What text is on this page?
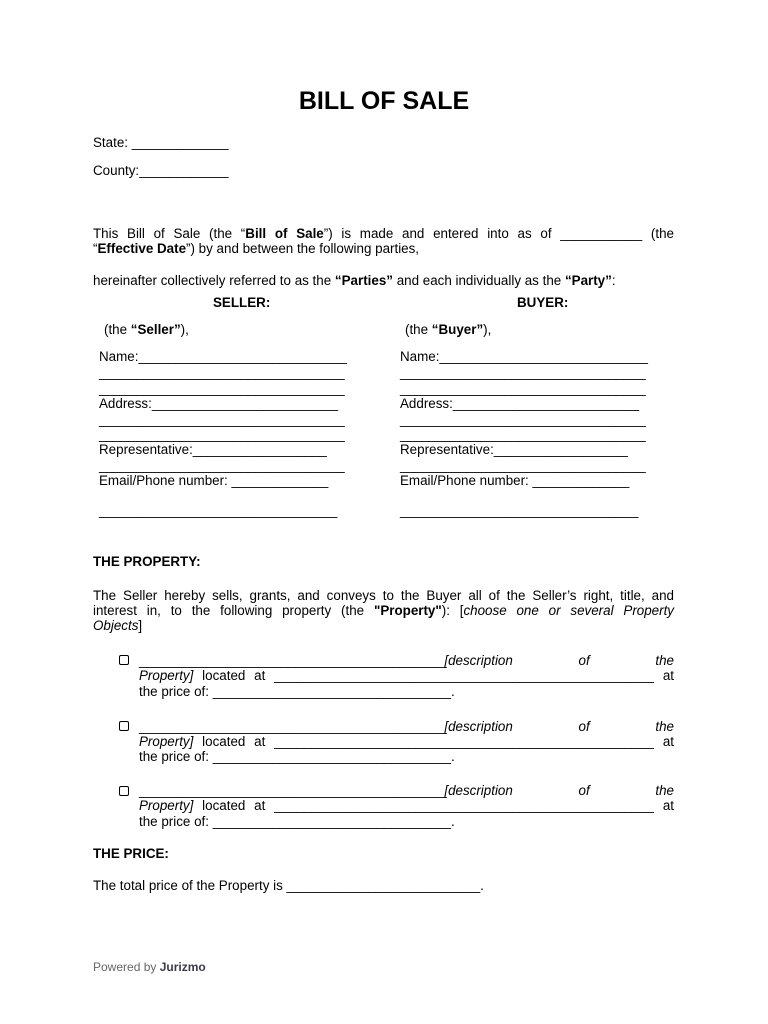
BILL OF SALE
State: _____________
County:____________
This Bill of Sale (the “Bill of Sale”) is made and entered into as of ___________ (the
“Effective Date”) by and between the following parties,
hereinafter collectively referred to as the “Parties” and each individually as the “Party”:
SELLER:
(the “Seller”),
Name:____________________________
_________________________________
_________________________________
Address:_________________________
_________________________________
_________________________________
Representative:__________________
_________________________________
Email/Phone number: _____________
________________________________
BUYER:
(the “Buyer”),
Name:____________________________
_________________________________
_________________________________
Address:_________________________
_________________________________
_________________________________
Representative:__________________
_________________________________
Email/Phone number: _____________
________________________________
THE PROPERTY:
The Seller hereby sells, grants, and conveys to the Buyer all of the Seller’s right, title, and
interest in, to the following property (the "Property"): [choose one or several Property
Objects]
_________________________________________[description of the
Property] located at ___________________________________________________ at
the price of: ________________________________.
_________________________________________[description of the
Property] located at ___________________________________________________ at
the price of: ________________________________.
_________________________________________[description of the
Property] located at ___________________________________________________ at
the price of: ________________________________.
THE PRICE:
The total price of the Property is __________________________.
Powered by Jurizmo
